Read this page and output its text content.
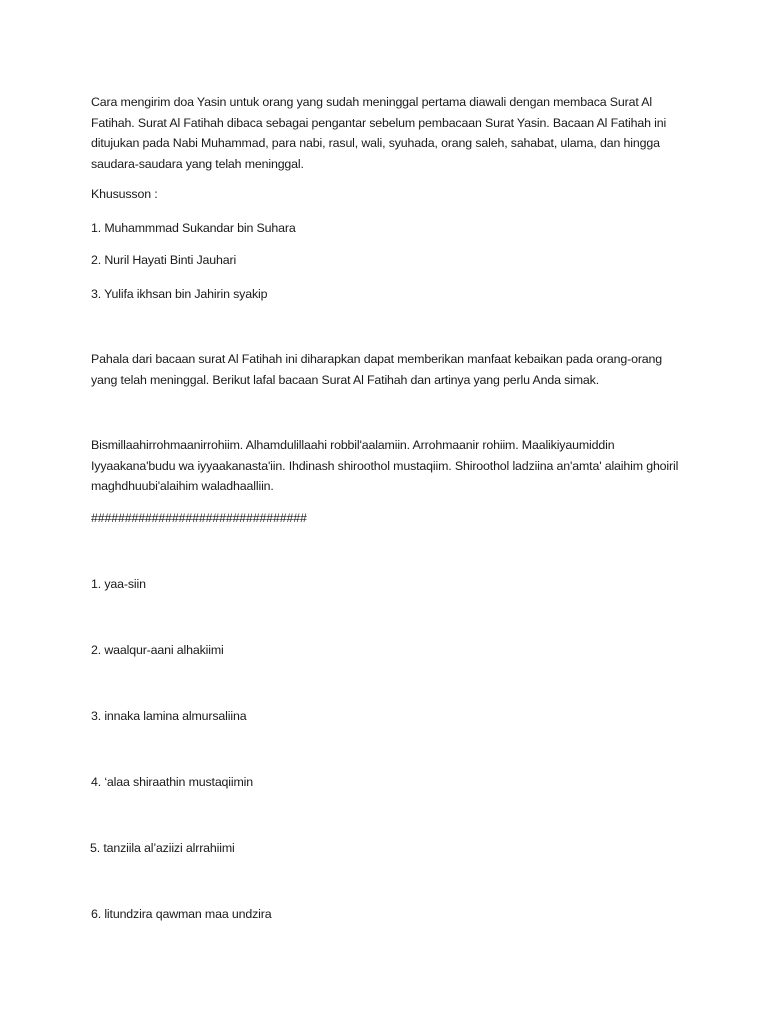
Cara mengirim doa Yasin untuk orang yang sudah meninggal pertama diawali dengan membaca Surat Al Fatihah. Surat Al Fatihah dibaca sebagai pengantar sebelum pembacaan Surat Yasin. Bacaan Al Fatihah ini ditujukan pada Nabi Muhammad, para nabi, rasul, wali, syuhada, orang saleh, sahabat, ulama, dan hingga saudara-saudara yang telah meninggal.

Khususson :

1. Muhammmad Sukandar bin Suhara

2. Nuril Hayati Binti Jauhari

3. Yulifa ikhsan bin Jahirin syakip

Pahala dari bacaan surat Al Fatihah ini diharapkan dapat memberikan manfaat kebaikan pada orang-orang yang telah meninggal. Berikut lafal bacaan Surat Al Fatihah dan artinya yang perlu Anda simak.

Bismillaahirrohmaanirrohiim. Alhamdulillaahi robbil'aalamiin. Arrohmaanir rohiim. Maalikiyaumiddin Iyyaakana'budu wa iyyaakanasta'iin. Ihdinash shiroothol mustaqiim. Shiroothol ladziina an'amta' alaihim ghoiril maghdhuubi'alaihim waladhaalliin.

################################

1. yaa-siin

2. waalqur-aani alhakiimi

3. innaka lamina almursaliina

4. ‘alaa shiraathin mustaqiimin

5. tanziila al’aziizi alrrahiimi

6. litundzira qawman maa undzira
